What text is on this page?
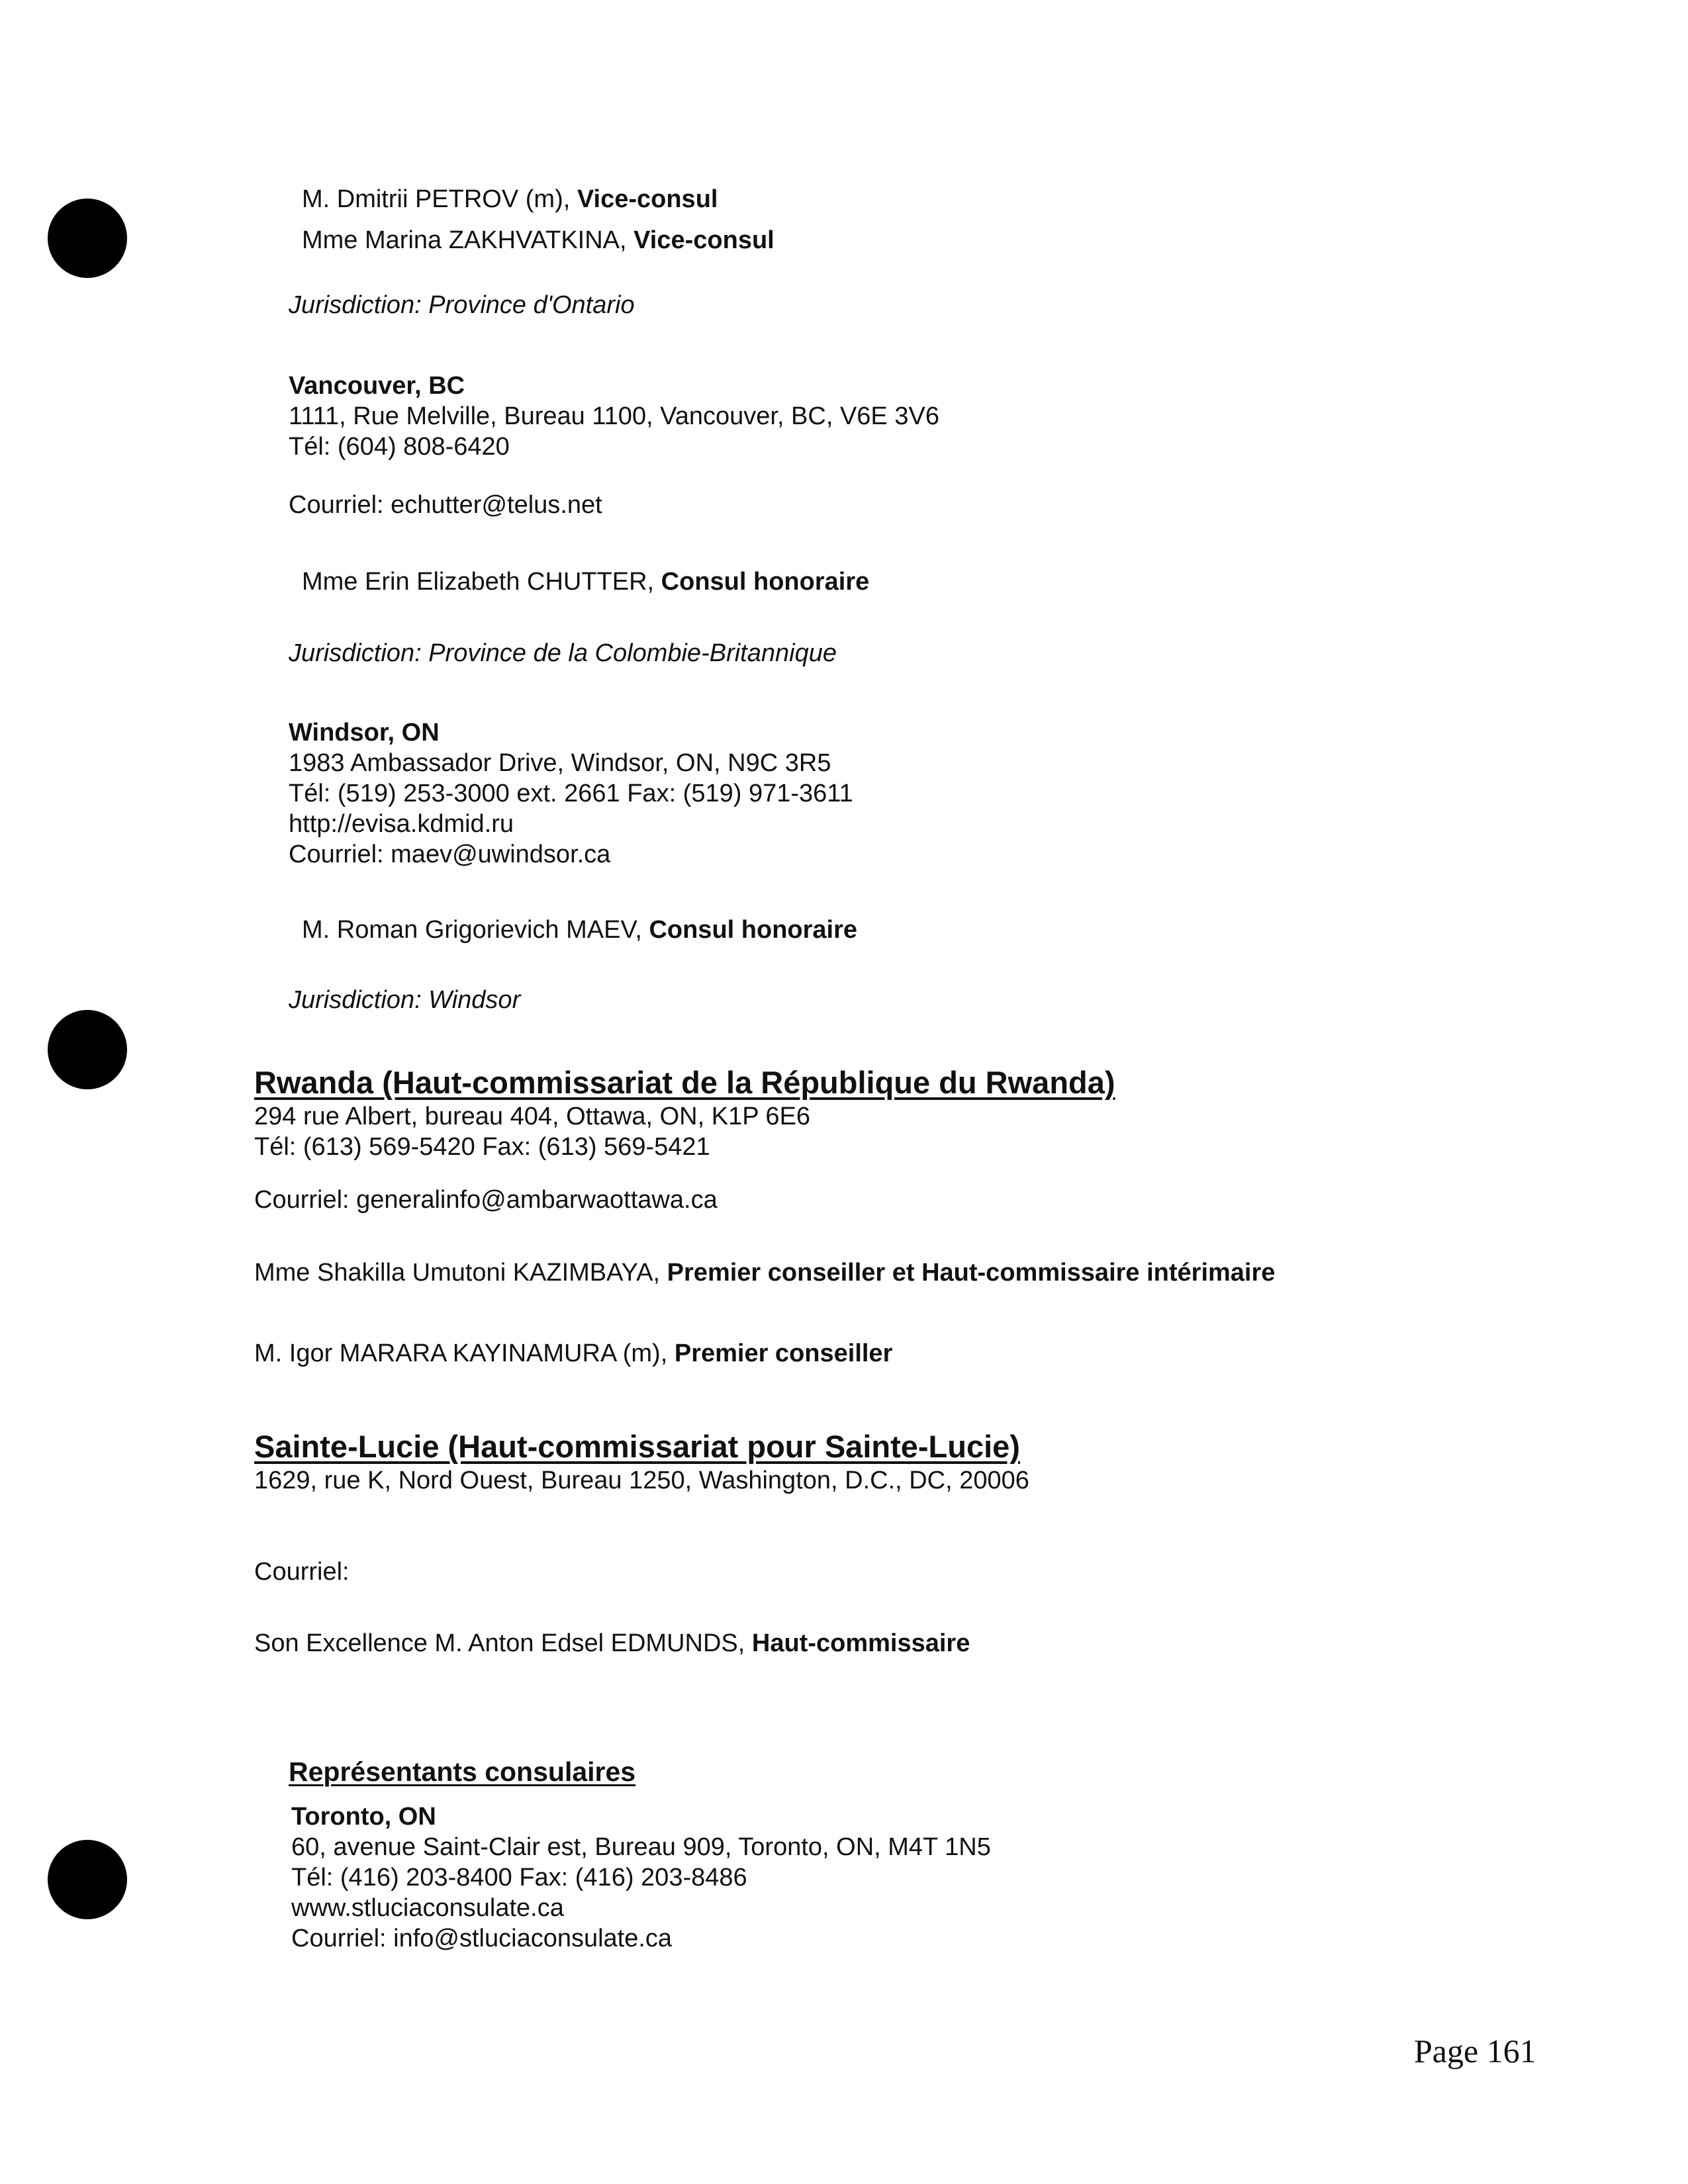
M. Dmitrii PETROV (m), Vice-consul
Mme Marina ZAKHVATKINA, Vice-consul
Jurisdiction: Province d'Ontario
Vancouver, BC
1111, Rue Melville, Bureau 1100, Vancouver, BC, V6E 3V6
Tél: (604) 808-6420
Courriel: echutter@telus.net
Mme Erin Elizabeth CHUTTER, Consul honoraire
Jurisdiction: Province de la Colombie-Britannique
Windsor, ON
1983 Ambassador Drive, Windsor, ON, N9C 3R5
Tél: (519) 253-3000 ext. 2661 Fax: (519) 971-3611
http://evisa.kdmid.ru
Courriel: maev@uwindsor.ca
M. Roman Grigorievich MAEV, Consul honoraire
Jurisdiction: Windsor
Rwanda (Haut-commissariat de la République du Rwanda)
294 rue Albert, bureau 404, Ottawa, ON, K1P 6E6
Tél: (613) 569-5420 Fax: (613) 569-5421
Courriel: generalinfo@ambarwaottawa.ca
Mme Shakilla Umutoni KAZIMBAYA, Premier conseiller et Haut-commissaire intérimaire
M. Igor MARARA KAYINAMURA (m), Premier conseiller
Sainte-Lucie (Haut-commissariat pour Sainte-Lucie)
1629, rue K, Nord Ouest, Bureau 1250, Washington, D.C., DC, 20006
Courriel:
Son Excellence M. Anton Edsel EDMUNDS, Haut-commissaire
Représentants consulaires
Toronto, ON
60, avenue Saint-Clair est, Bureau 909, Toronto, ON, M4T 1N5
Tél: (416) 203-8400 Fax: (416) 203-8486
www.stluciaconsulate.ca
Courriel: info@stluciaconsulate.ca
Page 161
